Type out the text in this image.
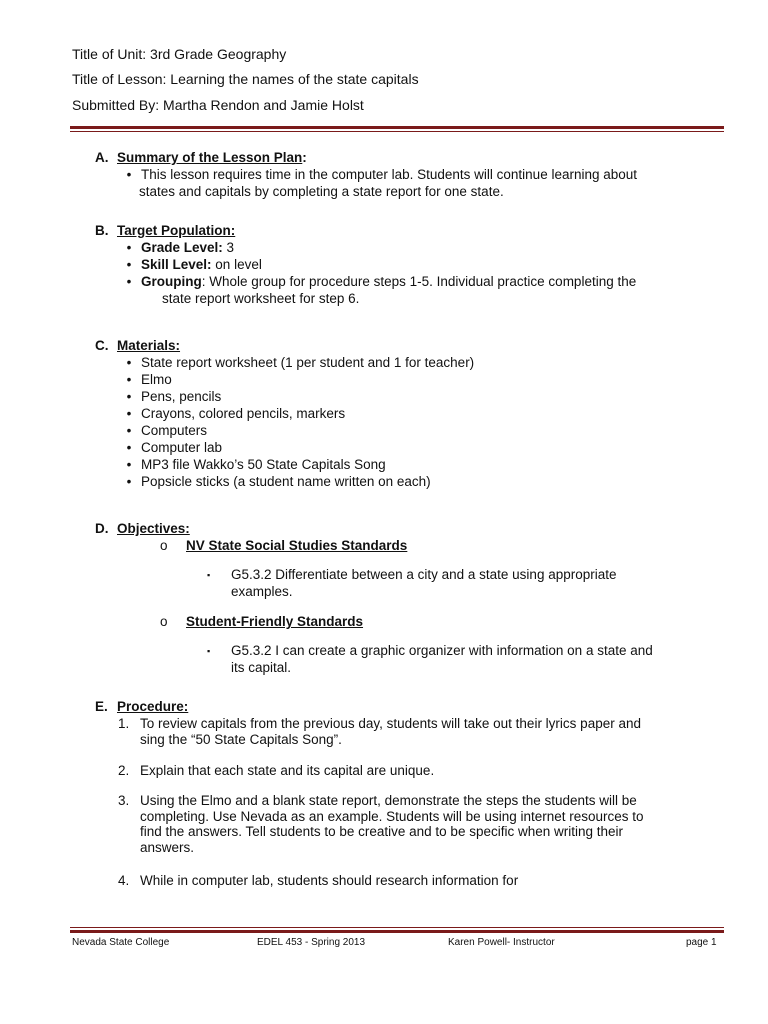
Title of Unit: 3rd Grade Geography
Title of Lesson: Learning the names of the state capitals
Submitted By: Martha Rendon and Jamie Holst
A. Summary of the Lesson Plan :
• This lesson requires time in the computer lab. Students will continue learning about
states and capitals by completing a state report for one state.
B. Target Population:
• Grade Level: 3
• Skill Level: on level
• Grouping: Whole group for procedure steps 1-5. Individual practice completing the
state report worksheet for step 6.
C. Materials:
• State report worksheet (1 per student and 1 for teacher)
• Elmo
• Pens, pencils
• Crayons, colored pencils, markers
• Computers
• Computer lab
• MP3 file Wakko’s 50 State Capitals Song
• Popsicle sticks (a student name written on each)
D. Objectives:
o	NV State Social Studies Standards
▪	G5.3.2 Differentiate between a city and a state using appropriate
examples.
o	Student-Friendly Standards
▪	G5.3.2 I can create a graphic organizer with information on a state and
its capital.
E. Procedure:
1. To review capitals from the previous day, students will take out their lyrics paper and
sing the “50 State Capitals Song”.
2. Explain that each state and its capital are unique.
3. Using the Elmo and a blank state report, demonstrate the steps the students will be
completing. Use Nevada as an example. Students will be using internet resources to
find the answers. Tell students to be creative and to be specific when writing their
answers.
4. While in computer lab, students should research information for
Nevada State College	EDEL 453 - Spring 2013	Karen Powell- Instructor	page 1
